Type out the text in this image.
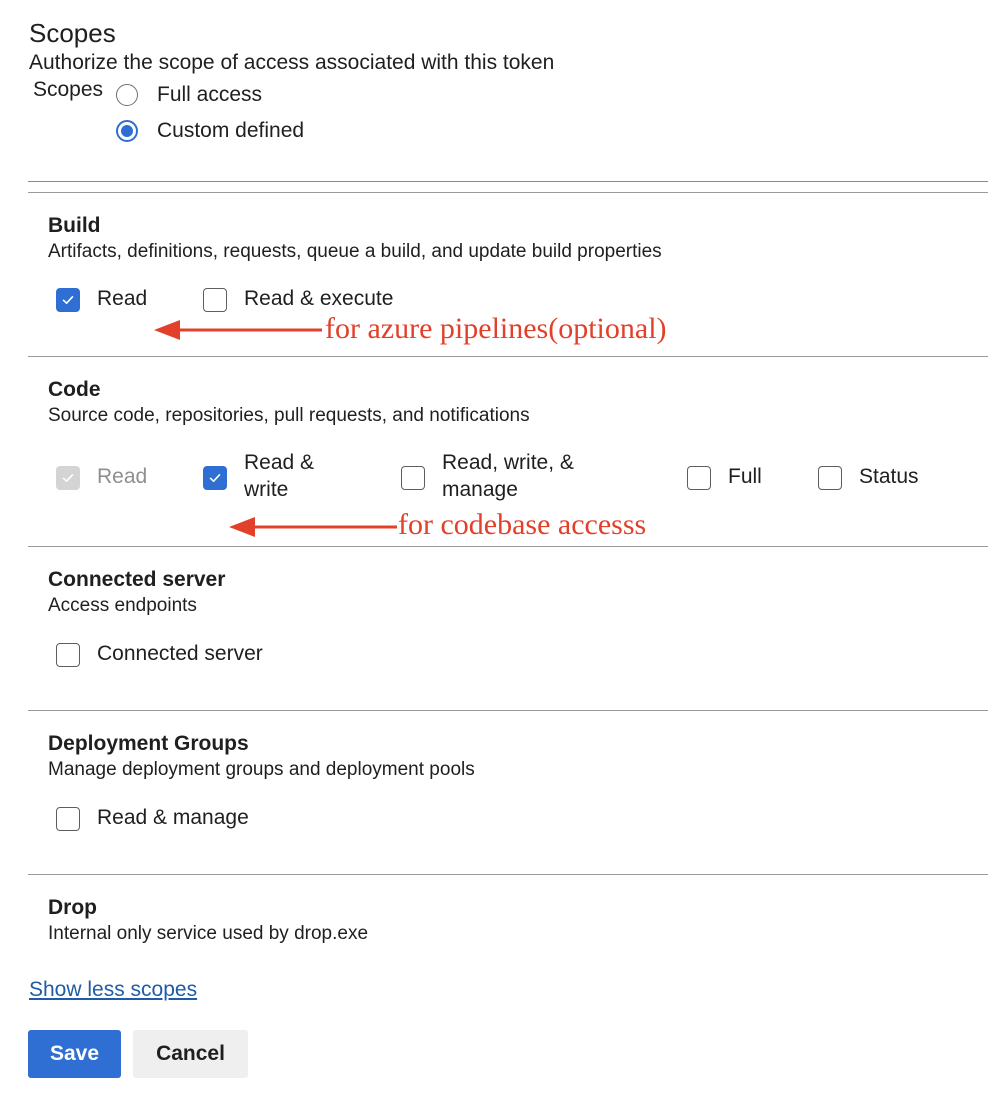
Scopes
Authorize the scope of access associated with this token
Scopes	Full access
Custom defined
Build
Artifacts, definitions, requests, queue a build, and update build properties
Read	Read & execute
for azure pipelines(optional)
Code
Source code, repositories, pull requests, and notifications
Read
Read &
write
Read, write, &
manage
Full	Status
for codebase accesss
Connected server
Access endpoints
Connected server
Deployment Groups
Manage deployment groups and deployment pools
Read & manage
Drop
Internal only service used by drop.exe
Show less scopes
Save	Cancel
